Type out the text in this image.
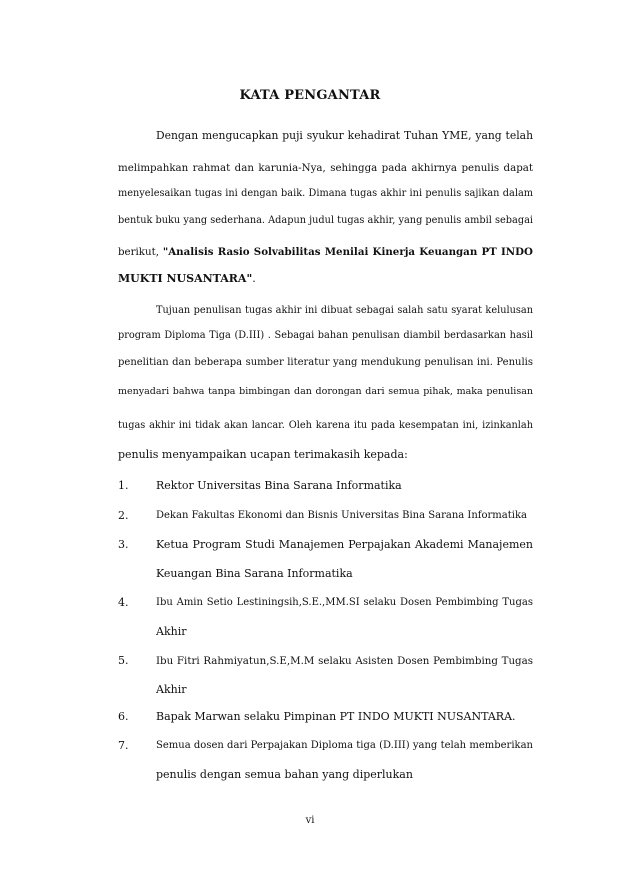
KATA PENGANTAR
Dengan mengucapkan puji syukur kehadirat Tuhan YME, yang telah
melimpahkan rahmat dan karunia-Nya, sehingga pada akhirnya penulis dapat
menyelesaikan tugas ini dengan baik. Dimana tugas akhir ini penulis sajikan dalam
bentuk buku yang sederhana. Adapun judul tugas akhir, yang penulis ambil sebagai
berikut, "Analisis Rasio Solvabilitas Menilai Kinerja Keuangan PT INDO
MUKTI NUSANTARA".
Tujuan penulisan tugas akhir ini dibuat sebagai salah satu syarat kelulusan
program Diploma Tiga (D.III) . Sebagai bahan penulisan diambil berdasarkan hasil
penelitian dan beberapa sumber literatur yang mendukung penulisan ini. Penulis
menyadari bahwa tanpa bimbingan dan dorongan dari semua pihak, maka penulisan
tugas akhir ini tidak akan lancar. Oleh karena itu pada kesempatan ini, izinkanlah
penulis menyampaikan ucapan terimakasih kepada:
1.	Rektor Universitas Bina Sarana Informatika
2.	Dekan Fakultas Ekonomi dan Bisnis Universitas Bina Sarana Informatika
3.	Ketua Program Studi Manajemen Perpajakan Akademi Manajemen
Keuangan Bina Sarana Informatika
4.	Ibu Amin Setio Lestiningsih,S.E.,MM.SI selaku Dosen Pembimbing Tugas
Akhir
5.	Ibu Fitri Rahmiyatun,S.E,M.M selaku Asisten Dosen Pembimbing Tugas
Akhir
6.	Bapak Marwan selaku Pimpinan PT INDO MUKTI NUSANTARA.
7.	Semua dosen dari Perpajakan Diploma tiga (D.III) yang telah memberikan
penulis dengan semua bahan yang diperlukan
vi
